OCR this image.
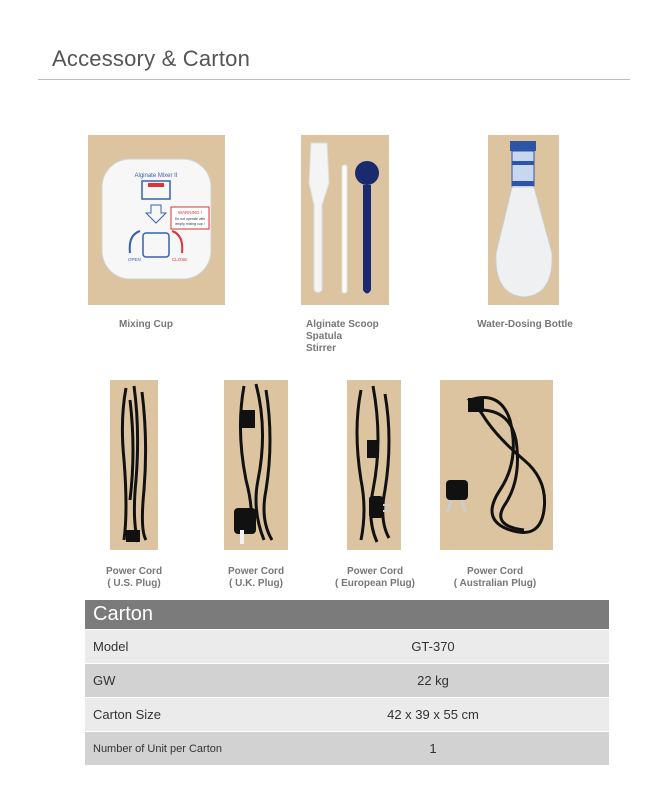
Accessory & Carton
Alginate Mixer II
WARNING !
Do not operate with
empty mixing cup !
OPEN	CLOSE
Mixing Cup	Alginate Scoop
Spatula
Stirrer
Water-Dosing Bottle
Power Cord
( U.S. Plug)
Power Cord
( U.K. Plug)
Power Cord
( European Plug)
Power Cord
( Australian Plug)
Carton
Model	GT-370
GW	22 kg
Carton Size	42 x 39 x 55 cm
Number of Unit per Carton	1
